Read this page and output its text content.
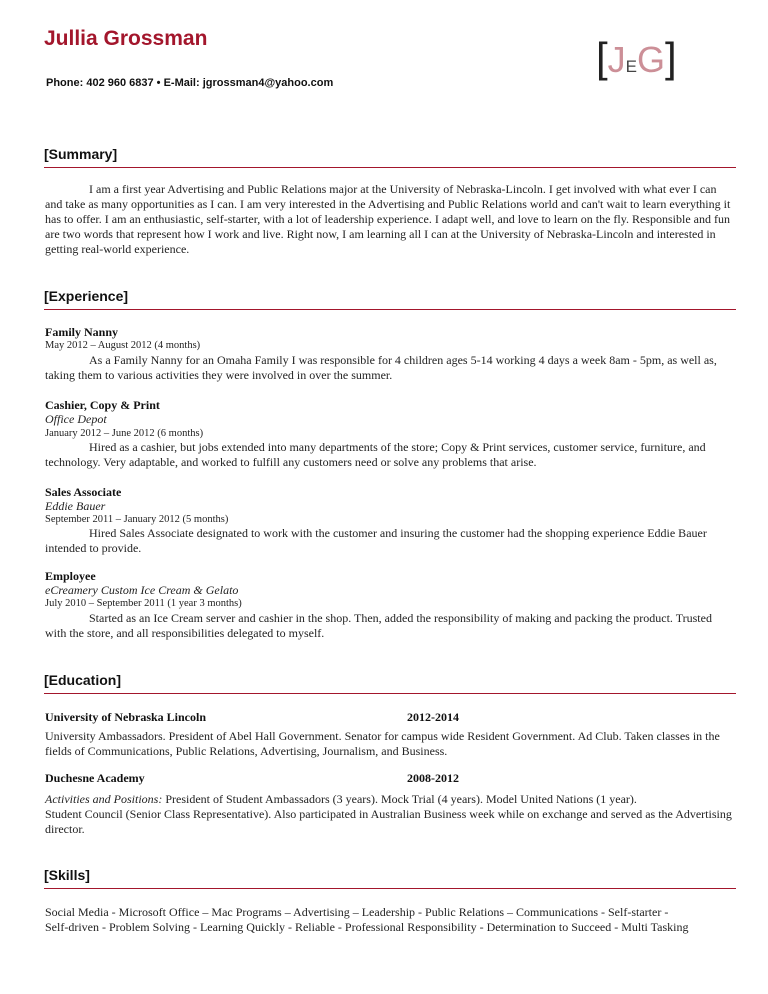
Jullia Grossman
Phone: 402 960 6837 • E-Mail: jgrossman4@yahoo.com
[JEG]
[Summary]
I am a first year Advertising and Public Relations major at the University of Nebraska-Lincoln. I get involved with what ever I can and take as many opportunities as I can. I am very interested in the Advertising and Public Relations world and can't wait to learn everything it has to offer. I am an enthusiastic, self-starter, with a lot of leadership experience. I adapt well, and love to learn on the fly. Responsible and fun are two words that represent how I work and live. Right now, I am learning all I can at the University of Nebraska-Lincoln and interested in getting real-world experience.
[Experience]
Family Nanny
May 2012 – August 2012 (4 months)
As a Family Nanny for an Omaha Family I was responsible for 4 children ages 5-14 working 4 days a week 8am - 5pm, as well as, taking them to various activities they were involved in over the summer.
Cashier, Copy & Print
Office Depot
January 2012 – June 2012 (6 months)
Hired as a cashier, but jobs extended into many departments of the store; Copy & Print services, customer service, furniture, and technology. Very adaptable, and worked to fulfill any customers need or solve any problems that arise.
Sales Associate
Eddie Bauer
September 2011 – January 2012 (5 months)
Hired Sales Associate designated to work with the customer and insuring the customer had the shopping experience Eddie Bauer intended to provide.
Employee
eCreamery Custom Ice Cream & Gelato
July 2010 – September 2011 (1 year 3 months)
Started as an Ice Cream server and cashier in the shop. Then, added the responsibility of making and packing the product. Trusted with the store, and all responsibilities delegated to myself.
[Education]
University of Nebraska Lincoln	2012-2014
University Ambassadors. President of Abel Hall Government. Senator for campus wide Resident Government. Ad Club. Taken classes in the fields of Communications, Public Relations, Advertising, Journalism, and Business.
Duchesne Academy	2008-2012
Activities and Positions: President of Student Ambassadors (3 years). Mock Trial (4 years). Model United Nations (1 year).
Student Council (Senior Class Representative). Also participated in Australian Business week while on exchange and served as the Advertising director.
[Skills]
Social Media - Microsoft Office – Mac Programs – Advertising – Leadership - Public Relations – Communications - Self-starter -
Self-driven - Problem Solving - Learning Quickly - Reliable - Professional Responsibility - Determination to Succeed - Multi Tasking
